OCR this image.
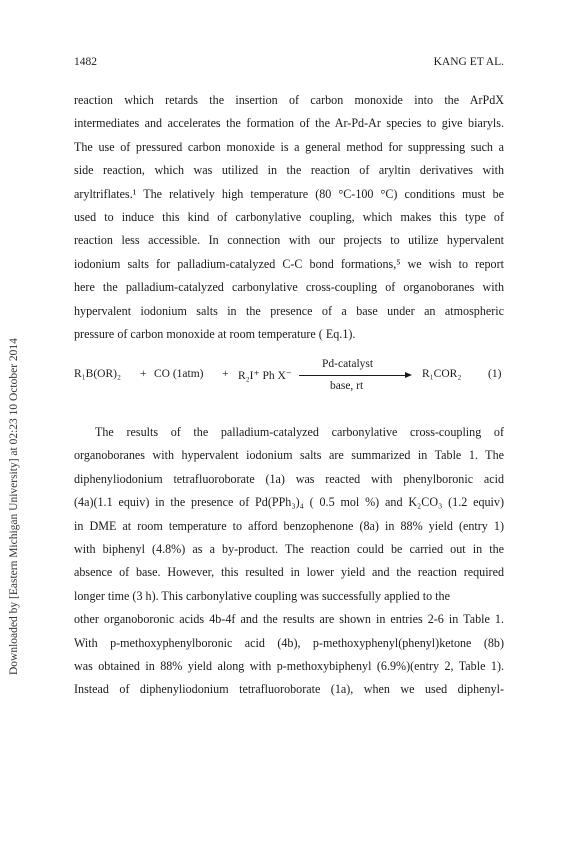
1482	KANG ET AL.
Downloaded by [Eastern Michigan University] at 02:23 10 October 2014
reaction which retards the insertion of carbon monoxide into the ArPdX
intermediates and accelerates the formation of the Ar-Pd-Ar species to give biaryls.
The use of pressured carbon monoxide is a general method for suppressing such a
side reaction, which was utilized in the reaction of aryltin derivatives with
aryltriflates.¹ The relatively high temperature (80 °C-100 °C) conditions must be
used to induce this kind of carbonylative coupling, which makes this type of
reaction less accessible. In connection with our projects to utilize hypervalent
iodonium salts for palladium-catalyzed C-C bond formations,⁵ we wish to report
here the palladium-catalyzed carbonylative cross-coupling of organoboranes with
hypervalent iodonium salts in the presence of a base under an atmospheric
pressure of carbon monoxide at room temperature ( Eq.1).
R₁B(OR)₂ + CO (1atm) + R₂I⁺ Ph X⁻
Pd-catalyst
base, rt
R₁COR₂ (1)
The results of the palladium-catalyzed carbonylative cross-coupling of
organoboranes with hypervalent iodonium salts are summarized in Table 1. The
diphenyliodonium tetrafluoroborate (1a) was reacted with phenylboronic acid
(4a)(1.1 equiv) in the presence of Pd(PPh₃)₄ ( 0.5 mol %) and K₂CO₃ (1.2 equiv)
in DME at room temperature to afford benzophenone (8a) in 88% yield (entry 1)
with biphenyl (4.8%) as a by-product. The reaction could be carried out in the
absence of base. However, this resulted in lower yield and the reaction required
longer time (3 h). This carbonylative coupling was successfully applied to the
other organoboronic acids 4b-4f and the results are shown in entries 2-6 in Table 1.
With p-methoxyphenylboronic acid (4b), p-methoxyphenyl(phenyl)ketone (8b)
was obtained in 88% yield along with p-methoxybiphenyl (6.9%)(entry 2, Table 1).
Instead of diphenyliodonium tetrafluoroborate (1a), when we used diphenyl-
